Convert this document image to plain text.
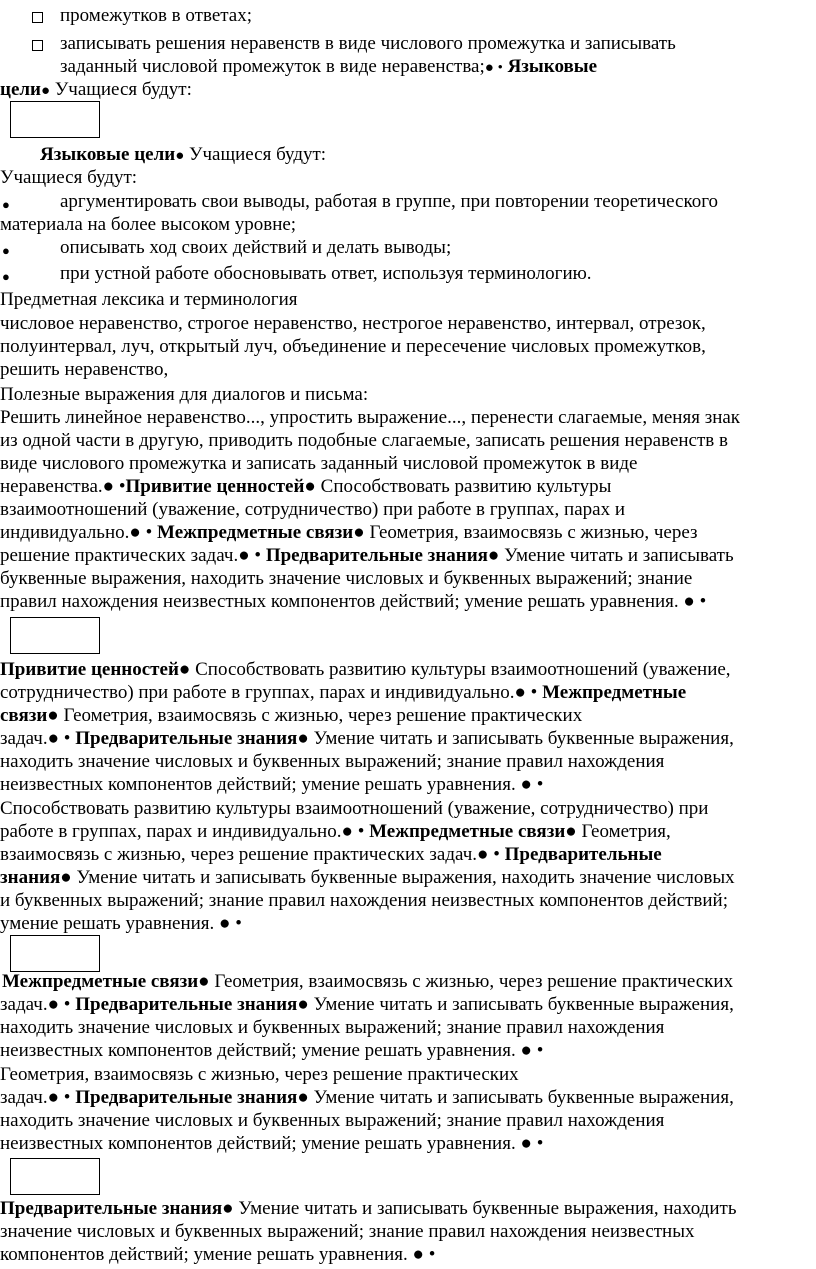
промежутков в ответах;
записывать решения неравенств в виде числового промежутка и записывать
заданный числовой промежуток в виде неравенства;● • Языковые
цели● Учащиеся будут:
Языковые цели● Учащиеся будут:
Учащиеся будут:
●	аргументировать свои выводы, работая в группе, при повторении теоретического
материала на более высоком уровне;
●	описывать ход своих действий и делать выводы;
●	при устной работе обосновывать ответ, используя терминологию.
Предметная лексика и терминология
числовое неравенство, строгое неравенство, нестрогое неравенство, интервал, отрезок,
полуинтервал, луч, открытый луч, объединение и пересечение числовых промежутков,
решить неравенство,
Полезные выражения для диалогов и письма:
Решить линейное неравенство..., упростить выражение..., перенести слагаемые, меняя знак
из одной части в другую, приводить подобные слагаемые, записать решения неравенств в
виде числового промежутка и записать заданный числовой промежуток в виде
неравенства.● •Привитие ценностей● Способствовать развитию культуры
взаимоотношений (уважение, сотрудничество) при работе в группах, парах и
индивидуально.● • Межпредметные связи● Геометрия, взаимосвязь с жизнью, через
решение практических задач.● • Предварительные знания● Умение читать и записывать
буквенные выражения, находить значение числовых и буквенных выражений; знание
правил нахождения неизвестных компонентов действий; умение решать уравнения. ● •
Привитие ценностей● Способствовать развитию культуры взаимоотношений (уважение,
сотрудничество) при работе в группах, парах и индивидуально.● • Межпредметные
связи● Геометрия, взаимосвязь с жизнью, через решение практических
задач.● • Предварительные знания● Умение читать и записывать буквенные выражения,
находить значение числовых и буквенных выражений; знание правил нахождения
неизвестных компонентов действий; умение решать уравнения. ● •
Способствовать развитию культуры взаимоотношений (уважение, сотрудничество) при
работе в группах, парах и индивидуально.● • Межпредметные связи● Геометрия,
взаимосвязь с жизнью, через решение практических задач.● • Предварительные
знания● Умение читать и записывать буквенные выражения, находить значение числовых
и буквенных выражений; знание правил нахождения неизвестных компонентов действий;
умение решать уравнения. ● •
Межпредметные связи● Геометрия, взаимосвязь с жизнью, через решение практических
задач.● • Предварительные знания● Умение читать и записывать буквенные выражения,
находить значение числовых и буквенных выражений; знание правил нахождения
неизвестных компонентов действий; умение решать уравнения. ● •
Геометрия, взаимосвязь с жизнью, через решение практических
задач.● • Предварительные знания● Умение читать и записывать буквенные выражения,
находить значение числовых и буквенных выражений; знание правил нахождения
неизвестных компонентов действий; умение решать уравнения. ● •
Предварительные знания● Умение читать и записывать буквенные выражения, находить
значение числовых и буквенных выражений; знание правил нахождения неизвестных
компонентов действий; умение решать уравнения. ● •
